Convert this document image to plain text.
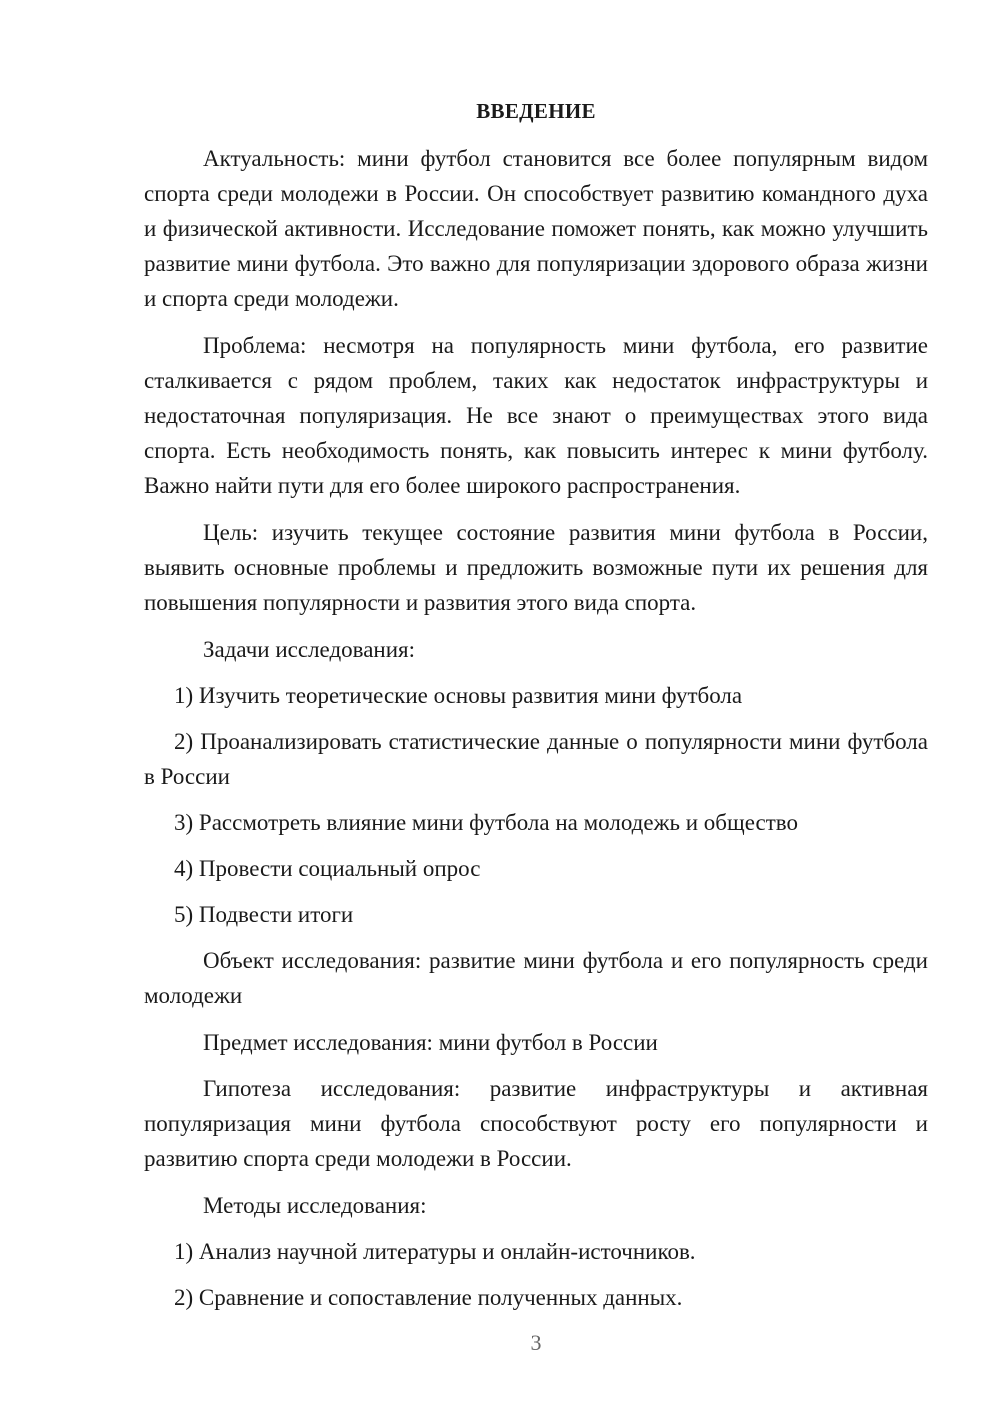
ВВЕДЕНИЕ

Актуальность: мини футбол становится все более популярным видом спорта среди молодежи в России. Он способствует развитию командного духа и физической активности. Исследование поможет понять, как можно улучшить развитие мини футбола. Это важно для популяризации здорового образа жизни и спорта среди молодежи.

Проблема: несмотря на популярность мини футбола, его развитие сталкивается с рядом проблем, таких как недостаток инфраструктуры и недостаточная популяризация. Не все знают о преимуществах этого вида спорта. Есть необходимость понять, как повысить интерес к мини футболу. Важно найти пути для его более широкого распространения.

Цель: изучить текущее состояние развития мини футбола в России, выявить основные проблемы и предложить возможные пути их решения для повышения популярности и развития этого вида спорта.

Задачи исследования:

1) Изучить теоретические основы развития мини футбола

2) Проанализировать статистические данные о популярности мини футбола в России

3) Рассмотреть влияние мини футбола на молодежь и общество

4) Провести социальный опрос

5) Подвести итоги

Объект исследования: развитие мини футбола и его популярность среди молодежи

Предмет исследования: мини футбол в России

Гипотеза исследования: развитие инфраструктуры и активная популяризация мини футбола способствуют росту его популярности и развитию спорта среди молодежи в России.

Методы исследования:

1) Анализ научной литературы и онлайн-источников.

2) Сравнение и сопоставление полученных данных.

3
